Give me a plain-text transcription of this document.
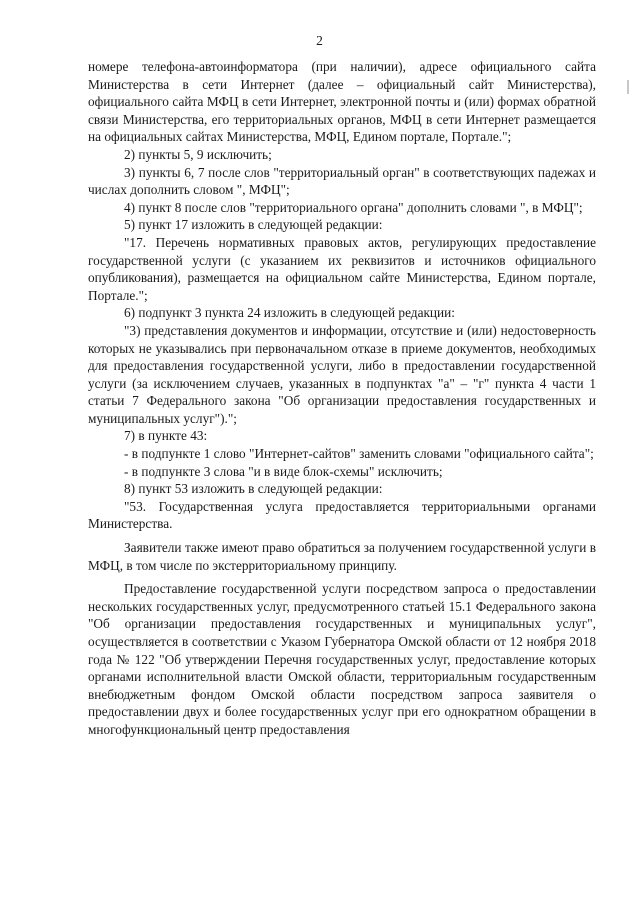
2

номере телефона-автоинформатора (при наличии), адресе официального сайта Министерства в сети Интернет (далее – официальный сайт Министерства), официального сайта МФЦ в сети Интернет, электронной почты и (или) формах обратной связи Министерства, его территориальных органов, МФЦ в сети Интернет размещается на официальных сайтах Министерства, МФЦ, Едином портале, Портале.";

2) пункты 5, 9 исключить;

3) пункты 6, 7 после слов "территориальный орган" в соответствующих падежах и числах дополнить словом ", МФЦ";

4) пункт 8 после слов "территориального органа" дополнить словами ", в МФЦ";

5) пункт 17 изложить в следующей редакции:

"17. Перечень нормативных правовых актов, регулирующих предоставление государственной услуги (с указанием их реквизитов и источников официального опубликования), размещается на официальном сайте Министерства, Едином портале, Портале.";

6) подпункт 3 пункта 24 изложить в следующей редакции:

"3) представления документов и информации, отсутствие и (или) недостоверность которых не указывались при первоначальном отказе в приеме документов, необходимых для предоставления государственной услуги, либо в предоставлении государственной услуги (за исключением случаев, указанных в подпунктах "а" – "г" пункта 4 части 1 статьи 7 Федерального закона "Об организации предоставления государственных и муниципальных услуг").";

7) в пункте 43:

- в подпункте 1 слово "Интернет-сайтов" заменить словами "официального сайта";

- в подпункте 3 слова "и в виде блок-схемы" исключить;

8) пункт 53 изложить в следующей редакции:

"53. Государственная услуга предоставляется территориальными органами Министерства.

Заявители также имеют право обратиться за получением государственной услуги в МФЦ, в том числе по экстерриториальному принципу.

Предоставление государственной услуги посредством запроса о предоставлении нескольких государственных услуг, предусмотренного статьей 15.1 Федерального закона "Об организации предоставления государственных и муниципальных услуг", осуществляется в соответствии с Указом Губернатора Омской области от 12 ноября 2018 года № 122 "Об утверждении Перечня государственных услуг, предоставление которых органами исполнительной власти Омской области, территориальным государственным внебюджетным фондом Омской области посредством запроса заявителя о предоставлении двух и более государственных услуг при его однократном обращении в многофункциональный центр предоставления
